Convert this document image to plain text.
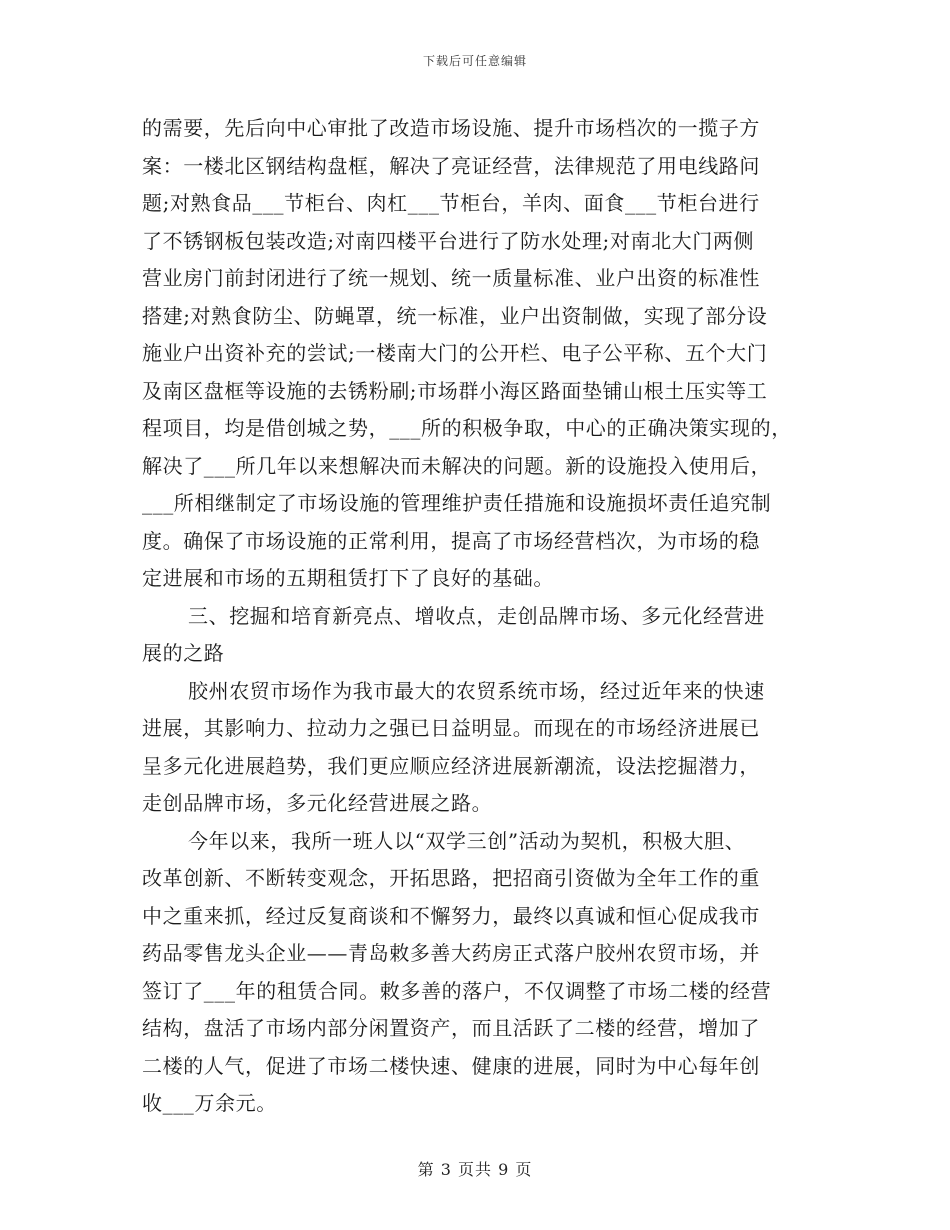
下载后可任意编辑
的需要，先后向中心审批了改造市场设施、提升市场档次的一揽子方
案：一楼北区钢结构盘框，解决了亮证经营，法律规范了用电线路问
题;对熟食品___节柜台、肉杠___节柜台，羊肉、面食___节柜台进行
了不锈钢板包装改造;对南四楼平台进行了防水处理;对南北大门两侧
营业房门前封闭进行了统一规划、统一质量标准、业户出资的标准性
搭建;对熟食防尘、防蝇罩，统一标准，业户出资制做，实现了部分设
施业户出资补充的尝试;一楼南大门的公开栏、电子公平称、五个大门
及南区盘框等设施的去锈粉刷;市场群小海区路面垫铺山根土压实等工
程项目，均是借创城之势，___所的积极争取，中心的正确决策实现的，
解决了___所几年以来想解决而未解决的问题。新的设施投入使用后，
___所相继制定了市场设施的管理维护责任措施和设施损坏责任追究制
度。确保了市场设施的正常利用，提高了市场经营档次，为市场的稳
定进展和市场的五期租赁打下了良好的基础。
三、挖掘和培育新亮点、增收点，走创品牌市场、多元化经营进
展的之路
胶州农贸市场作为我市最大的农贸系统市场，经过近年来的快速
进展，其影响力、拉动力之强已日益明显。而现在的市场经济进展已
呈多元化进展趋势，我们更应顺应经济进展新潮流，设法挖掘潜力，
走创品牌市场，多元化经营进展之路。
今年以来，我所一班人以“双学三创”活动为契机，积极大胆、
改革创新、不断转变观念，开拓思路，把招商引资做为全年工作的重
中之重来抓，经过反复商谈和不懈努力，最终以真诚和恒心促成我市
药品零售龙头企业——青岛敕多善大药房正式落户胶州农贸市场，并
签订了___年的租赁合同。敕多善的落户，不仅调整了市场二楼的经营
结构，盘活了市场内部分闲置资产，而且活跃了二楼的经营，增加了
二楼的人气，促进了市场二楼快速、健康的进展，同时为中心每年创
收___万余元。
第 3 页共 9 页
